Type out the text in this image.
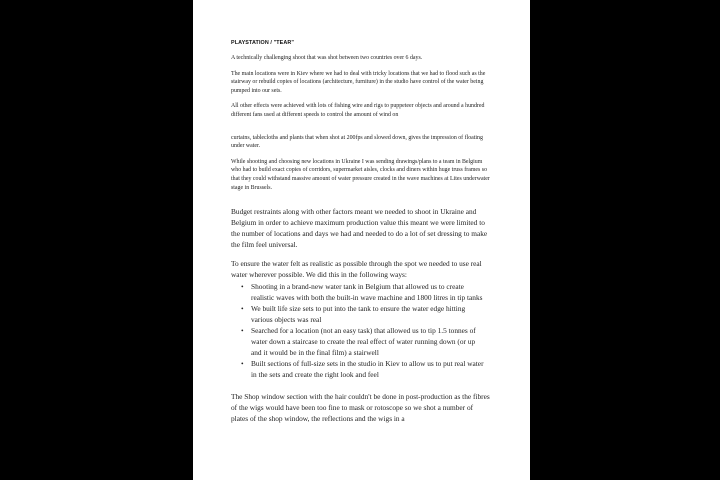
PLAYSTATION / "TEAR"

A technically challenging shoot that was shot between two countries over 6 days.

The main locations were in Kiev where we had to deal with tricky locations that we had to flood such as the stairway or rebuild copies of locations (architecture, furniture) in the studio have control of the water being pumped into our sets.

All other effects were achieved with lots of fishing wire and rigs to puppeteer objects and around a hundred different fans used at different speeds to control the amount of wind on

curtains, tablecloths and plants that when shot at 200fps and slowed down, gives the impression of floating under water.

While shooting and choosing new locations in Ukraine I was sending drawings/plans to a team in Belgium who had to build exact copies of corridors, supermarket aisles, clocks and diners within huge truss frames so that they could withstand massive amount of water pressure created in the wave machines at Lites underwater stage in Brussels.

Budget restraints along with other factors meant we needed to shoot in Ukraine and Belgium in order to achieve maximum production value this meant we were limited to the number of locations and days we had and needed to do a lot of set dressing to make the film feel universal.

To ensure the water felt as realistic as possible through the spot we needed to use real water wherever possible. We did this in the following ways:

• Shooting in a brand-new water tank in Belgium that allowed us to create realistic waves with both the built-in wave machine and 1800 litres in tip tanks
• We built life size sets to put into the tank to ensure the water edge hitting various objects was real
• Searched for a location (not an easy task) that allowed us to tip 1.5 tonnes of water down a staircase to create the real effect of water running down (or up and it would be in the final film) a stairwell
• Built sections of full-size sets in the studio in Kiev to allow us to put real water in the sets and create the right look and feel

The Shop window section with the hair couldn't be done in post-production as the fibres of the wigs would have been too fine to mask or rotoscope so we shot a number of plates of the shop window, the reflections and the wigs in a
